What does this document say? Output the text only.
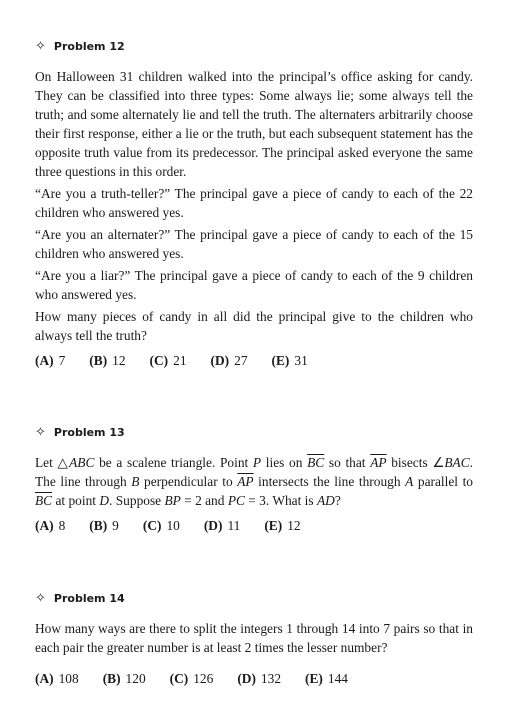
✧ Problem 12

On Halloween 31 children walked into the principal’s office asking for candy. They can be classified into three types: Some always lie; some always tell the truth; and some alternately lie and tell the truth. The alternaters arbitrarily choose their first response, either a lie or the truth, but each subsequent statement has the opposite truth value from its predecessor. The principal asked everyone the same three questions in this order.

“Are you a truth-teller?” The principal gave a piece of candy to each of the 22 children who answered yes.

“Are you an alternater?” The principal gave a piece of candy to each of the 15 children who answered yes.

“Are you a liar?” The principal gave a piece of candy to each of the 9 children who answered yes.

How many pieces of candy in all did the principal give to the children who always tell the truth?

(A) 7 (B) 12 (C) 21 (D) 27 (E) 31
✧ Problem 13

Let △ABC be a scalene triangle. Point P lies on $\overline{BC}$ so that $\overline{AP}$ bisects ∠BAC. The line through B perpendicular to $\overline{AP}$ intersects the line through A parallel to $\overline{BC}$ at point D. Suppose BP = 2 and PC = 3. What is AD?

(A) 8 (B) 9 (C) 10 (D) 11 (E) 12
✧ Problem 14

How many ways are there to split the integers 1 through 14 into 7 pairs so that in each pair the greater number is at least 2 times the lesser number?

(A) 108 (B) 120 (C) 126 (D) 132 (E) 144
